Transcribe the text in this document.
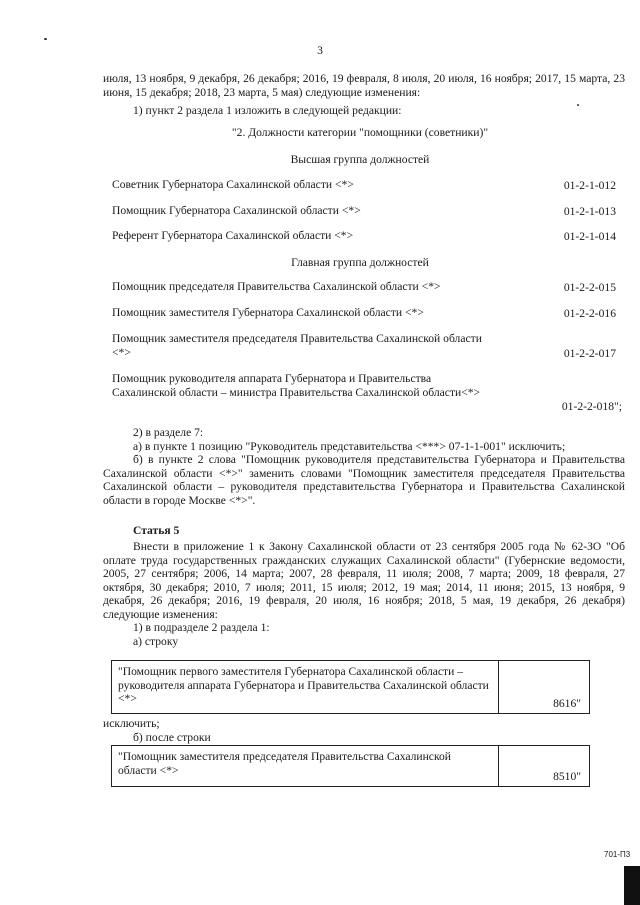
3

июля, 13 ноября, 9 декабря, 26 декабря; 2016, 19 февраля, 8 июля, 20 июля, 16 ноября; 2017, 15 марта, 23 июня, 15 декабря; 2018, 23 марта, 5 мая) следующие изменения:

1) пункт 2 раздела 1 изложить в следующей редакции:

"2. Должности категории "помощники (советники)"
Высшая группа должностей
Советник Губернатора Сахалинской области <*>	01-2-1-012
Помощник Губернатора Сахалинской области <*>	01-2-1-013
Референт Губернатора Сахалинской области <*>	01-2-1-014
Главная группа должностей
Помощник председателя Правительства Сахалинской области <*>	01-2-2-015
Помощник заместителя Губернатора Сахалинской области <*>	01-2-2-016
Помощник заместителя председателя Правительства Сахалинской области <*>	01-2-2-017
Помощник руководителя аппарата Губернатора и Правительства Сахалинской области – министра Правительства Сахалинской области<*>
01-2-2-018";

2) в разделе 7:

а) в пункте 1 позицию "Руководитель представительства <***> 07-1-1-001" исключить;

б) в пункте 2 слова "Помощник руководителя представительства Губернатора и Правительства Сахалинской области <*>" заменить словами "Помощник заместителя председателя Правительства Сахалинской области – руководителя представительства Губернатора и Правительства Сахалинской области в городе Москве <*>".

Статья 5

Внести в приложение 1 к Закону Сахалинской области от 23 сентября 2005 года № 62-ЗО "Об оплате труда государственных гражданских служащих Сахалинской области" (Губернские ведомости, 2005, 27 сентября; 2006, 14 марта; 2007, 28 февраля, 11 июля; 2008, 7 марта; 2009, 18 февраля, 27 октября, 30 декабря; 2010, 7 июля; 2011, 15 июля; 2012, 19 мая; 2014, 11 июня; 2015, 13 ноября, 9 декабря, 26 декабря; 2016, 19 февраля, 20 июля, 16 ноября; 2018, 5 мая, 19 декабря, 26 декабря) следующие изменения:

1) в подразделе 2 раздела 1:

а) строку

"Помощник первого заместителя Губернатора Сахалинской области – руководителя аппарата Губернатора и Правительства Сахалинской области <*>	8616"
исключить;

б) после строки

"Помощник заместителя председателя Правительства Сахалинской области <*>	8510"
701-П3
